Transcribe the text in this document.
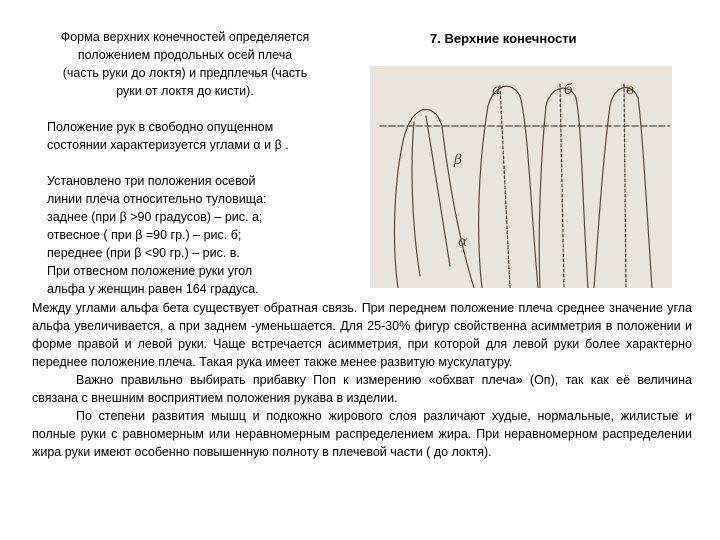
7. Верхние конечности
Форма верхних конечностей определяется положением продольных осей плеча (часть руки до локтя) и предплечья (часть руки от локтя до кисти).
Положение рук в свободно опущенном состоянии характеризуется углами α и β .
Установлено три положения осевой
линии плеча относительно туловища:
заднее (при β >90 градусов) – рис. а;
отвесное ( при β =90 гр.) – рис. б;
переднее (при β <90 гр.) – рис. в.
При отвесном положение руки угол
альфа у женщин равен 164 градуса.
а	б	в
β
α

Между углами альфа бета существует обратная связь. При переднем положение плеча среднее значение угла альфа увеличивается, а при заднем -уменьшается. Для 25-30% фигур свойственна асимметрия в положении и форме правой и левой руки. Чаще встречается асимметрия, при которой для левой руки более характерно переднее положение плеча. Такая рука имеет также менее развитую мускулатуру.

Важно правильно выбирать прибавку Поп к измерению «обхват плеча» (Оп), так как её величина связана с внешним восприятием положения рукава в изделии.

По степени развития мышц и подкожно жирового слоя различают худые, нормальные, жилистые и полные руки с равномерным или неравномерным распределением жира. При неравномерном распределении жира руки имеют особенно повышенную полноту в плечевой части ( до локтя).
